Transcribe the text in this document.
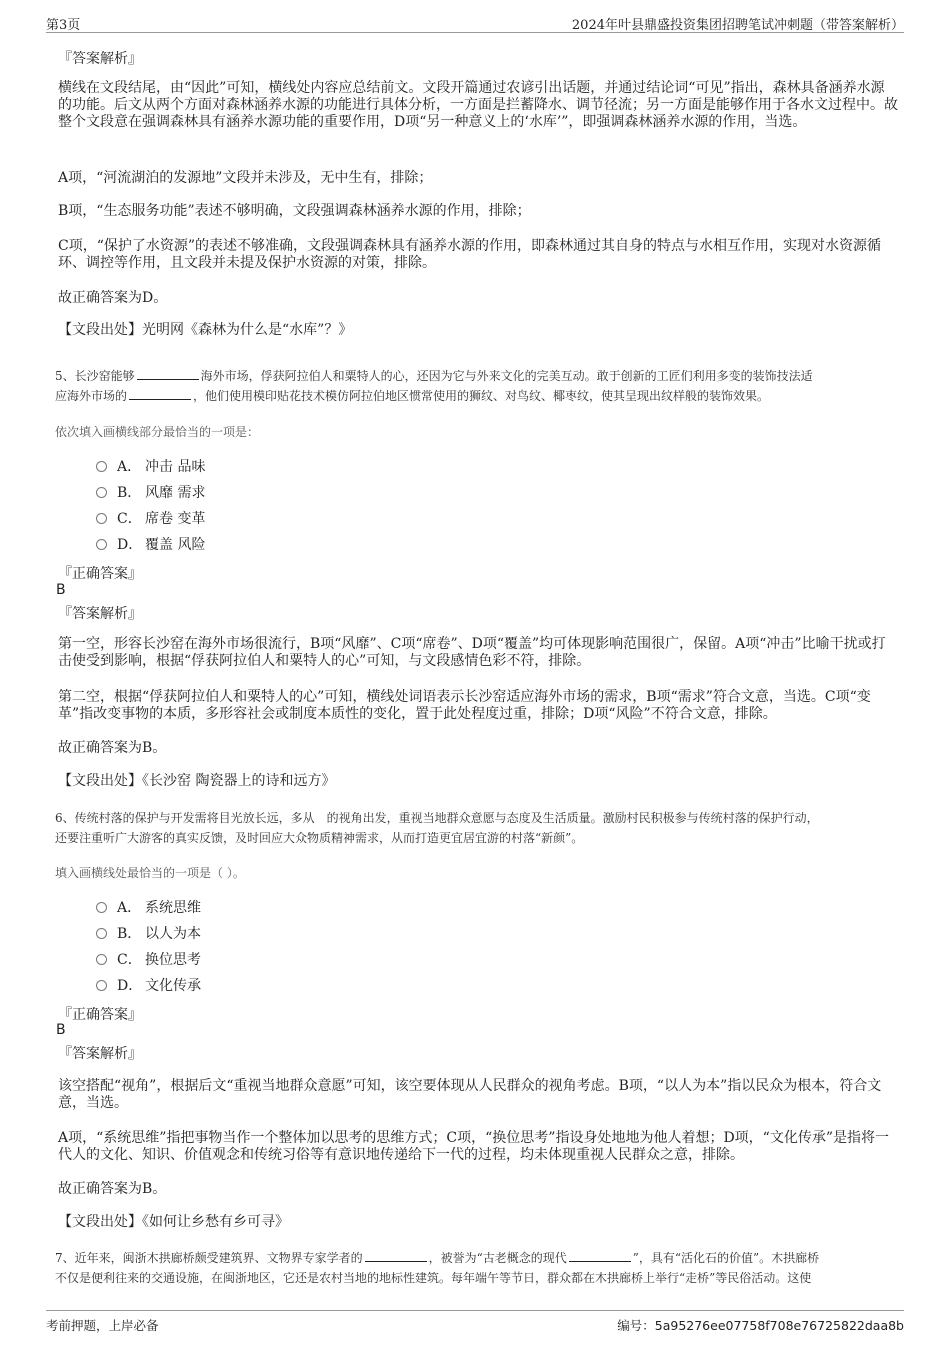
第3页	2024年叶县鼎盛投资集团招聘笔试冲刺题（带答案解析）
『答案解析』
横线在文段结尾，由“因此”可知，横线处内容应总结前文。文段开篇通过农谚引出话题，并通过结论词“可见”指出，森林具备涵养水源的功能。后文从两个方面对森林涵养水源的功能进行具体分析，一方面是拦蓄降水、调节径流；另一方面是能够作用于各水文过程中。故整个文段意在强调森林具有涵养水源功能的重要作用，D项“另一种意义上的‘水库’”，即强调森林涵养水源的作用，当选。
A项，“河流湖泊的发源地”文段并未涉及，无中生有，排除；
B项，“生态服务功能”表述不够明确，文段强调森林涵养水源的作用，排除；
C项，“保护了水资源”的表述不够准确，文段强调森林具有涵养水源的作用，即森林通过其自身的特点与水相互作用，实现对水资源循环、调控等作用，且文段并未提及保护水资源的对策，排除。
故正确答案为D。
【文段出处】光明网《森林为什么是“水库”？》
5、长沙窑能够	海外市场，俘获阿拉伯人和粟特人的心，还因为它与外来文化的完美互动。敢于创新的工匠们利用多变的装饰技法适
应海外市场的	，他们使用模印贴花技术模仿阿拉伯地区惯常使用的狮纹、对鸟纹、椰枣纹，使其呈现出纹样般的装饰效果。
依次填入画横线部分最恰当的一项是：
A． 冲击 品味
B． 风靡 需求
C． 席卷 变革
D． 覆盖 风险
『正确答案』
B
『答案解析』
第一空，形容长沙窑在海外市场很流行，B项“风靡”、C项“席卷”、D项“覆盖”均可体现影响范围很广，保留。A项“冲击”比喻干扰或打击使受到影响，根据“俘获阿拉伯人和粟特人的心”可知，与文段感情色彩不符，排除。
第二空，根据“俘获阿拉伯人和粟特人的心”可知，横线处词语表示长沙窑适应海外市场的需求，B项“需求”符合文意，当选。C项“变革”指改变事物的本质，多形容社会或制度本质性的变化，置于此处程度过重，排除；D项“风险”不符合文意，排除。
故正确答案为B。
【文段出处】《长沙窑 陶瓷器上的诗和远方》
6、传统村落的保护与开发需将目光放长远，多从 的视角出发，重视当地群众意愿与态度及生活质量。激励村民积极参与传统村落的保护行动，
还要注重听广大游客的真实反馈，及时回应大众物质精神需求，从而打造更宜居宜游的村落“新颜”。
填入画横线处最恰当的一项是（ ）。
A． 系统思维
B． 以人为本
C． 换位思考
D． 文化传承
『正确答案』
B
『答案解析』
该空搭配“视角”，根据后文“重视当地群众意愿”可知，该空要体现从人民群众的视角考虑。B项，“以人为本”指以民众为根本，符合文意，当选。
A项，“系统思维”指把事物当作一个整体加以思考的思维方式；C项，“换位思考”指设身处地地为他人着想；D项，“文化传承”是指将一代人的文化、知识、价值观念和传统习俗等有意识地传递给下一代的过程，均未体现重视人民群众之意，排除。
故正确答案为B。
【文段出处】《如何让乡愁有乡可寻》
7、近年来，闽浙木拱廊桥颇受建筑界、文物界专家学者的	，被誉为“古老概念的现代	”，具有“活化石的价值”。木拱廊桥
不仅是便利往来的交通设施，在闽浙地区，它还是农村当地的地标性建筑。每年端午等节日，群众都在木拱廊桥上举行“走桥”等民俗活动。这使
考前押题，上岸必备	编号：5a95276ee07758f708e76725822daa8b
